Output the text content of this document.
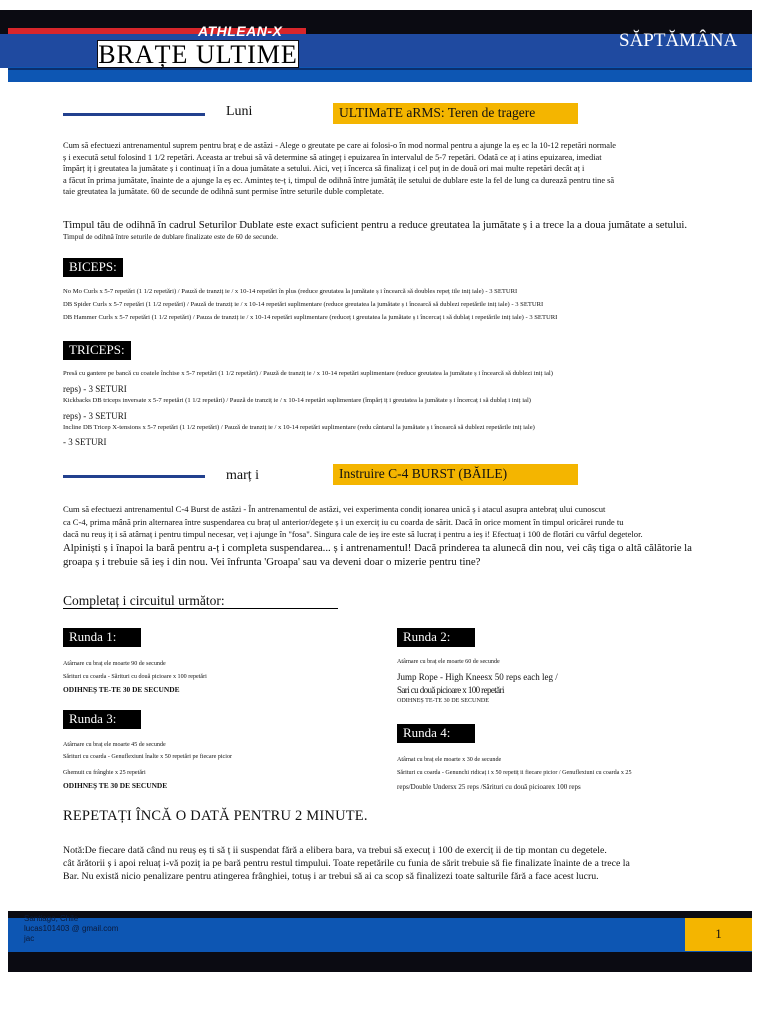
ATHLEAN-X
BRAȚE ULTIME	SĂPTĂMÂNA
Luni	ULTIMaTE aRMS: Teren de tragere
Cum să efectuezi antrenamentul suprem pentru braț e de astăzi - Alege o greutate pe care ai folosi-o în mod normal pentru a ajunge la eș ec la 10-12 repetări normale
ș i execută setul folosind 1 1/2 repetări. Aceasta ar trebui să vă determine să atingeț i epuizarea în intervalul de 5-7 repetări. Odată ce aț i atins epuizarea, imediat
împărț iț i greutatea la jumătate ș i continuaț i în a doua jumătate a setului. Aici, veț i încerca să finalizaț i cel puț in de două ori mai multe repetări decât aț i
a făcut în prima jumătate, înainte de a ajunge la eș ec. Aminteș te-ț i, timpul de odihnă între jumătăț ile setului de dublare este la fel de lung ca durează pentru tine să
taie greutatea la jumătate. 60 de secunde de odihnă sunt permise între seturile duble completate.
Timpul tău de odihnă în cadrul Seturilor Dublate este exact suficient pentru a reduce greutatea la jumătate ș i a trece la a doua jumătate a setului.
Timpul de odihnă între seturile de dublare finalizate este de 60 de secunde.
BICEPS:
No Mo Curls x 5-7 repetări (1 1/2 repetări) / Pauză de tranziț ie / x 10-14 repetări în plus (reduce greutatea la jumătate ș i încearcă să doubles repeț iile iniț iale) - 3 SETURI
DB Spider Curls x 5-7 repetări (1 1/2 repetări) / Pauză de tranziț ie / x 10-14 repetări suplimentare (reduce greutatea la jumătate ș i încearcă să dublezi repetările iniț iale) - 3 SETURI
DB Hammer Curls x 5-7 repetări (1 1/2 repetări) / Pauza de tranziț ie / x 10-14 repetări suplimentare (reduceț i greutatea la jumătate ș i încercaț i să dublaț i repetările iniț iale) - 3 SETURI
TRICEPS:
Presă cu gantere pe bancă cu coatele închise x 5-7 repetări (1 1/2 repetări) / Pauză de tranziț ie / x 10-14 repetări suplimentare (reduce greutatea la jumătate ș i încearcă să dublezi iniț ial)
reps) - 3 SETURI
Kickbacks DB triceps inversate x 5-7 repetări (1 1/2 repetări) / Pauză de tranziț ie / x 10-14 repetări suplimentare (împărț iț i greutatea la jumătate ș i încercaț i să dublaț i iniț ial)
reps) - 3 SETURI
Incline DB Tricep X-tensions x 5-7 repetări (1 1/2 repetări) / Pauză de tranziț ie / x 10-14 repetări suplimentare (redu cântarul la jumătate ș i încearcă să dublezi repetările iniț iale)
- 3 SETURI
marț i	Instruire C-4 BURST (BĂILE)
Cum să efectuezi antrenamentul C-4 Burst de astăzi - În antrenamentul de astăzi, vei experimenta condiț ionarea unică ș i atacul asupra antebraț ului cunoscut
ca C-4, prima mână prin alternarea între suspendarea cu braț ul anterior/degete ș i un exerciț iu cu coarda de sărit. Dacă în orice moment în timpul oricărei runde tu
dacă nu reuș iț i să atârnaț i pentru timpul necesar, veț i ajunge în "fosa". Singura cale de ieș ire este să lucraț i pentru a ieș i! Efectuaț i 100 de flotări cu vârful degetelor.
Alpiniști ș i înapoi la bară pentru a-ț i completa suspendarea... ș i antrenamentul! Dacă prinderea ta alunecă din nou, vei câș tiga o altă călătorie la
groapa ș i trebuie să ieș i din nou. Vei înfrunta 'Groapa' sau va deveni doar o mizerie pentru tine?
Completaț i circuitul următor:
Runda 1:
Atârnare cu braț ele moarte 90 de secunde
Sărituri cu coarda - Sărituri cu două picioare x 100 repetări
ODIHNEȘ TE-TE 30 DE SECUNDE
Runda 2:
Atârnare cu braț ele moarte 60 de secunde
Jump Rope - High Kneesx 50 reps each leg /
Sari cu două picioare x 100 repetări
ODIHNEȘ TE-TE 30 DE SECUNDE
Runda 3:
Atârnare cu braț ele moarte 45 de secunde
Sărituri cu coarda - Genuflexiuni înalte x 50 repetări pe fiecare picior
Ghemuit cu frânghie x 25 repetări
ODIHNEȘ TE 30 DE SECUNDE
Runda 4:
Atârnat cu braț ele moarte x 30 de secunde
Sărituri cu coarda - Genunchi ridicaț i x 50 repetiț ii fiecare picior / Genuflexiuni cu coarda x 25
reps/Double Undersx 25 reps /Sărituri cu două picioarex 100 reps
REPETAȚI ÎNCĂ O DATĂ PENTRU 2 MINUTE.
Notă:De fiecare dată când nu reuș eș ti să ț ii suspendat fără a elibera bara, va trebui să execuț i 100 de exerciț ii de tip montan cu degetele.
cât ărătorii ș i apoi reluaț i-vă poziț ia pe bară pentru restul timpului. Toate repetările cu funia de sărit trebuie să fie finalizate înainte de a trece la
Bar. Nu există nicio penalizare pentru atingerea frânghiei, totuș i ar trebui să ai ca scop să finalizezi toate salturile fără a face acest lucru.
1
Santiago, Chile
lucas101403 @ gmail.com
jac
